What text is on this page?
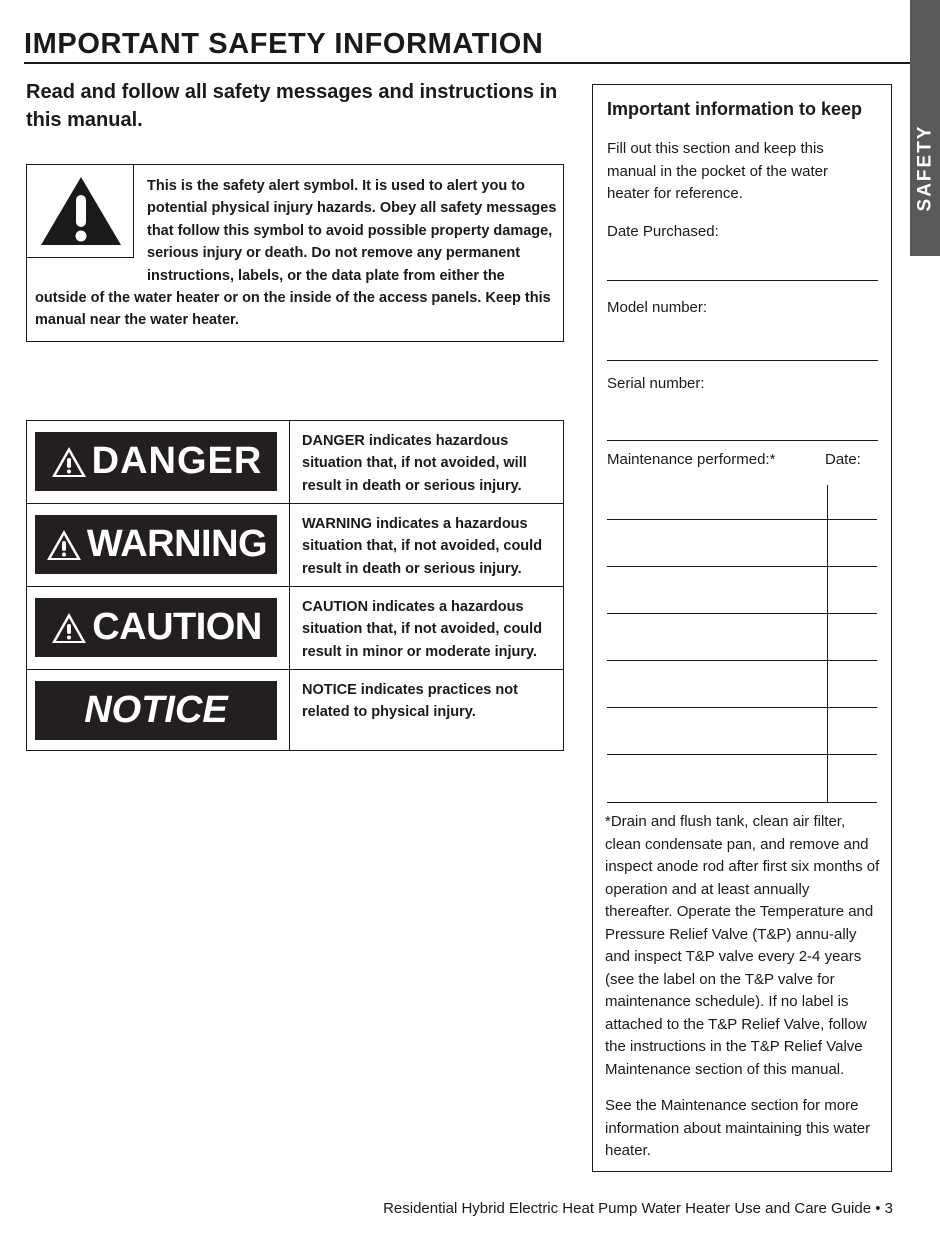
IMPORTANT SAFETY INFORMATION
SAFETY
Read and follow all safety messages and instructions in this manual.
This is the safety alert symbol. It is used to alert you to potential physical injury hazards. Obey all safety messages that follow this symbol to avoid possible property damage, serious injury or death. Do not remove any permanent instructions, labels, or the data plate from either the outside of the water heater or on the inside of the access panels. Keep this manual near the water heater.
DANGER	DANGER indicates hazardous situation that, if not avoided, will result in death or serious injury.

WARNING	WARNING indicates a hazardous situation that, if not avoided, could result in death or serious injury.

CAUTION	CAUTION indicates a hazardous situation that, if not avoided, could result in minor or moderate injury.

NOTICE	NOTICE indicates practices not related to physical injury.
Important information to keep
Fill out this section and keep this manual in the pocket of the water heater for reference.
Date Purchased:
Model number:
Serial number:
Maintenance performed:*	Date:
*Drain and flush tank, clean air filter, clean condensate pan, and remove and inspect anode rod after first six months of operation and at least annually thereafter. Operate the Temperature and Pressure Relief Valve (T&P) annu-ally and inspect T&P valve every 2-4 years (see the label on the T&P valve for maintenance schedule). If no label is attached to the T&P Relief Valve, follow the instructions in the T&P Relief Valve Maintenance section of this manual.
See the Maintenance section for more information about maintaining this water heater.
Residential Hybrid Electric Heat Pump Water Heater Use and Care Guide • 3
